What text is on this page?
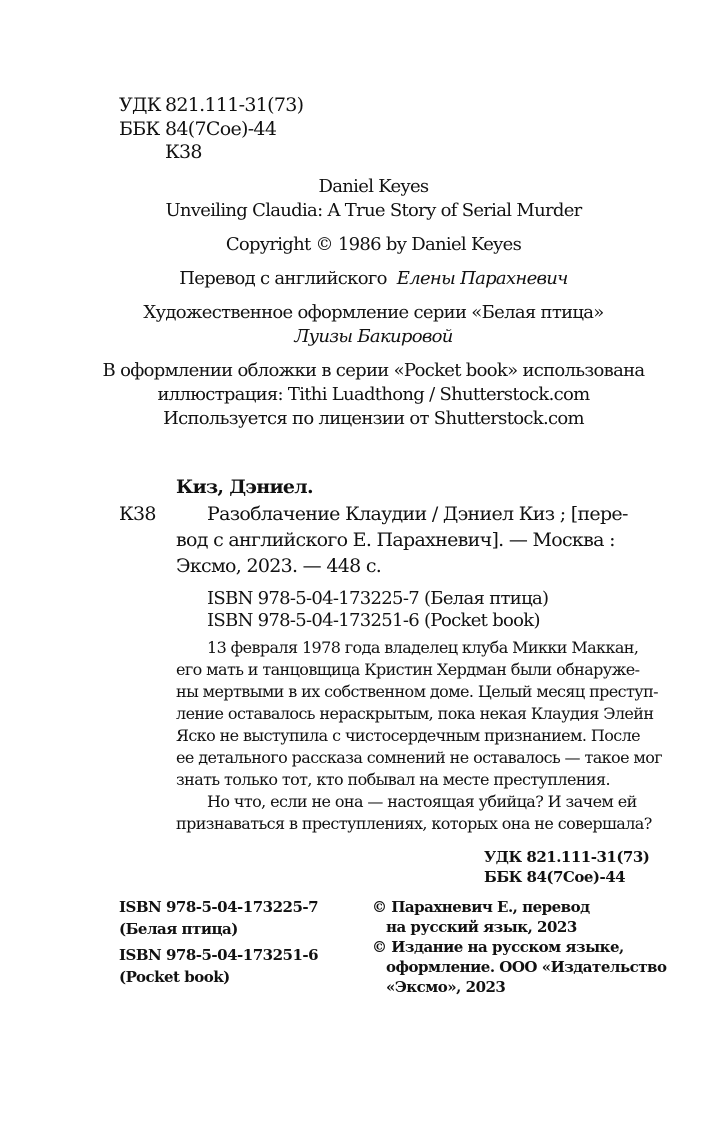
УДК 821.111-31(73)
ББК 84(7Сое)-44
К38
Daniel Keyes
Unveiling Claudia: A True Story of Serial Murder
Copyright © 1986 by Daniel Keyes
Перевод с английского Елены Парахневич
Художественное оформление серии «Белая птица»
Луизы Бакировой
В оформлении обложки в серии «Pocket book» использована
иллюстрация: Tithi Luadthong / Shutterstock.com
Используется по лицензии от Shutterstock.com
Киз, Дэниел.
К38	Разоблачение Клаудии / Дэниел Киз ; [пере-
вод с английского Е. Парахневич]. — Москва :
Эксмо, 2023. — 448 с.
ISBN 978-5-04-173225-7 (Белая птица)
ISBN 978-5-04-173251-6 (Pocket book)
13 февраля 1978 года владелец клуба Микки Маккан,
его мать и танцовщица Кристин Хердман были обнаруже-
ны мертвыми в их собственном доме. Целый месяц преступ-
ление оставалось нераскрытым, пока некая Клаудия Элейн
Яско не выступила с чистосердечным признанием. После
ее детального рассказа сомнений не оставалось — такое мог
знать только тот, кто побывал на месте преступления.
Но что, если не она — настоящая убийца? И зачем ей
признаваться в преступлениях, которых она не совершала?
УДК 821.111-31(73)
ББК 84(7Сое)-44
ISBN 978-5-04-173225-7
(Белая птица)
ISBN 978-5-04-173251-6
(Pocket book)
© Парахневич Е., перевод
на русский язык, 2023
© Издание на русском языке,
оформление. ООО «Издательство
«Эксмо», 2023
